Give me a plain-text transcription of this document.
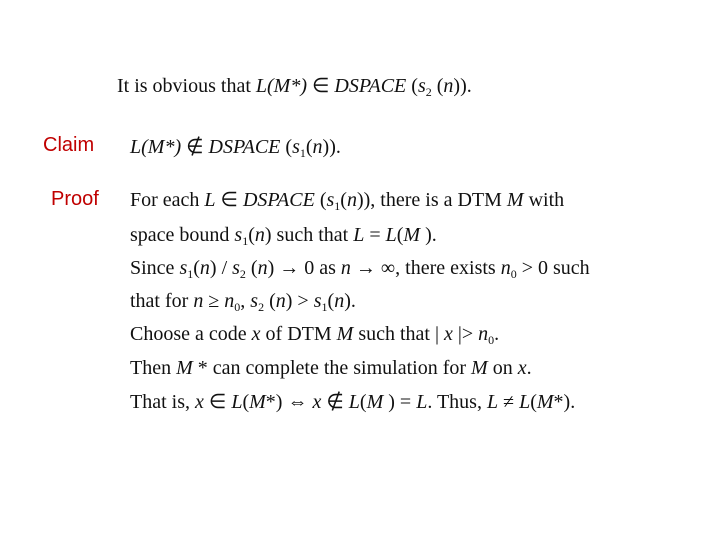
It is obvious that L(M*) ∈ DSPACE ($s_2$ (n)).
Claim L(M*) ∉ DSPACE $(s_1(n))$.
Proof For each L ∈ DSPACE $(s_1(n))$, there is a DTM M with
space bound $s_1(n)$ such that L = L(M ).
Since $s_1(n) / s_2$ (n) → 0 as n → ∞, there exists $n_0 > 0$ such
that for $n \ge n_0$, $s_2$ $(n) > s_1(n)$.
Choose a code x of DTM M such that | x |> $n_0$.
Then M * can complete the simulation for M on x.
That is, x ∈ L(M*) ⇔ x ∉ L(M ) = L. Thus, L ≠ L(M*).
